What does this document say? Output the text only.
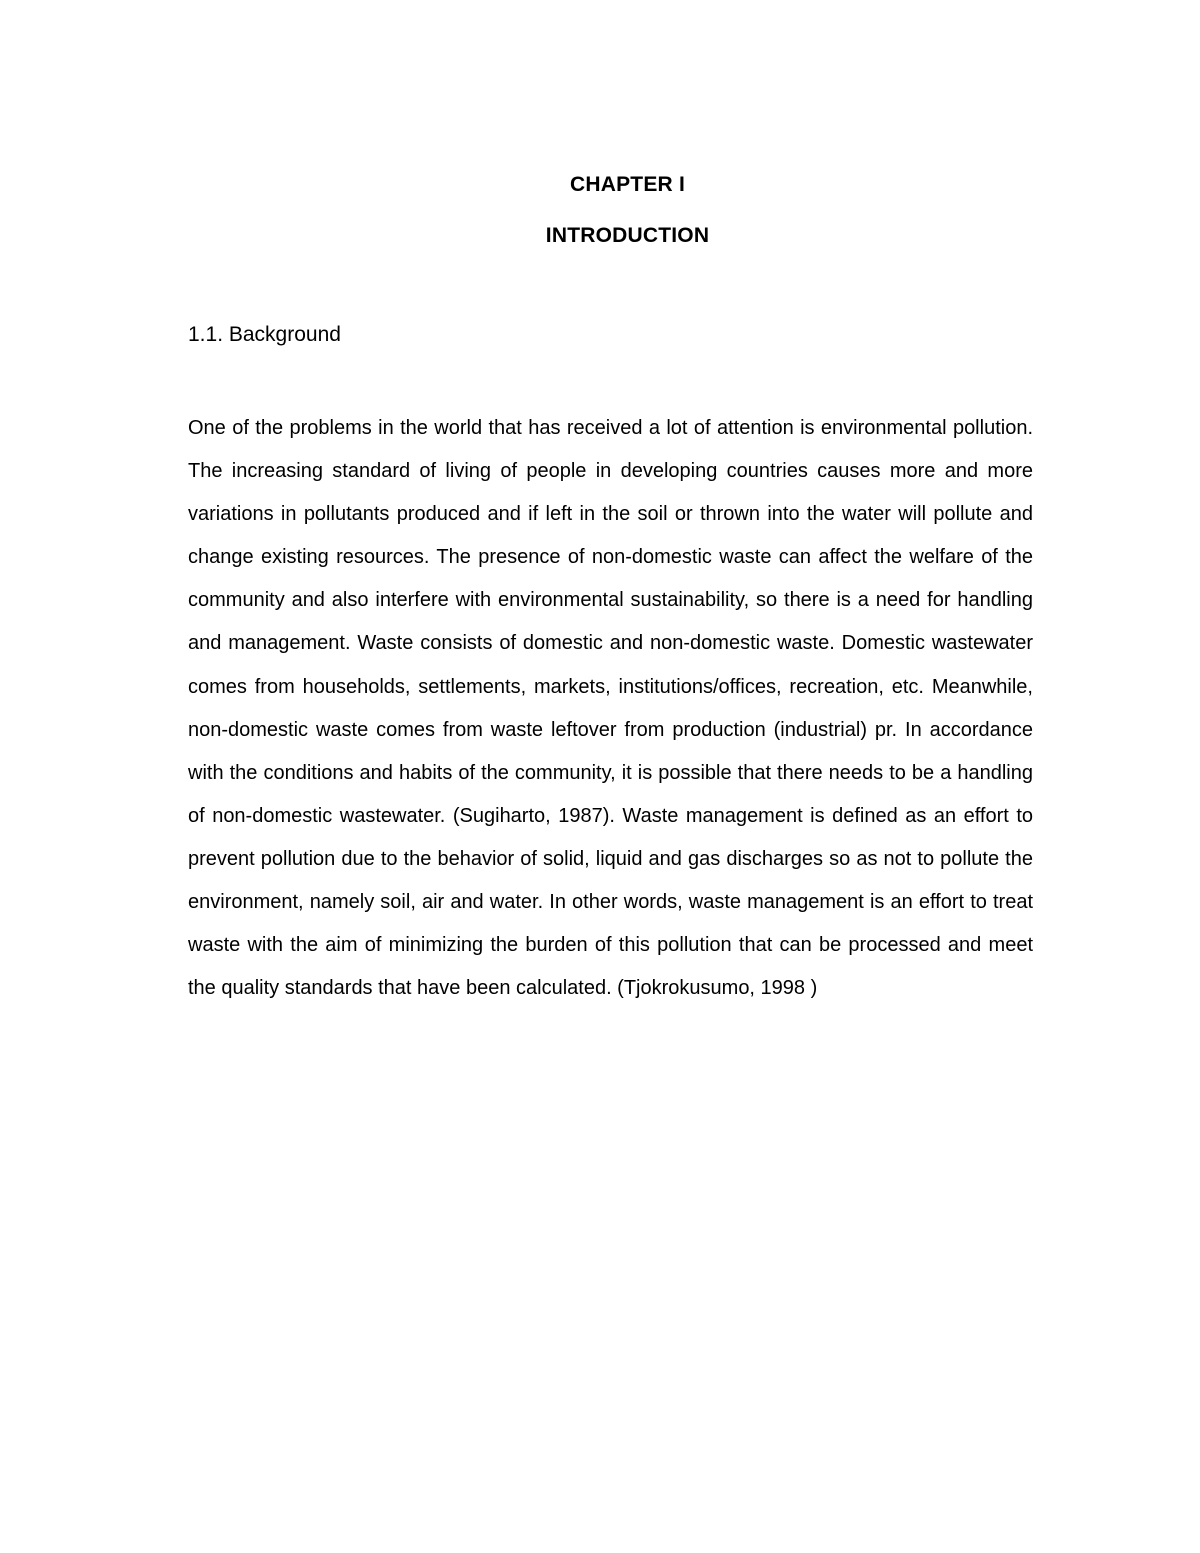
CHAPTER I
INTRODUCTION
1.1. Background

One of the problems in the world that has received a lot of attention is environmental pollution. The increasing standard of living of people in developing countries causes more and more variations in pollutants produced and if left in the soil or thrown into the water will pollute and change existing resources. The presence of non-domestic waste can affect the welfare of the community and also interfere with environmental sustainability, so there is a need for handling and management. Waste consists of domestic and non-domestic waste. Domestic wastewater comes from households, settlements, markets, institutions/offices, recreation, etc. Meanwhile, non-domestic waste comes from waste leftover from production (industrial) pr. In accordance with the conditions and habits of the community, it is possible that there needs to be a handling of non-domestic wastewater. (Sugiharto, 1987). Waste management is defined as an effort to prevent pollution due to the behavior of solid, liquid and gas discharges so as not to pollute the environment, namely soil, air and water. In other words, waste management is an effort to treat waste with the aim of minimizing the burden of this pollution that can be processed and meet the quality standards that have been calculated. (Tjokrokusumo, 1998 )
